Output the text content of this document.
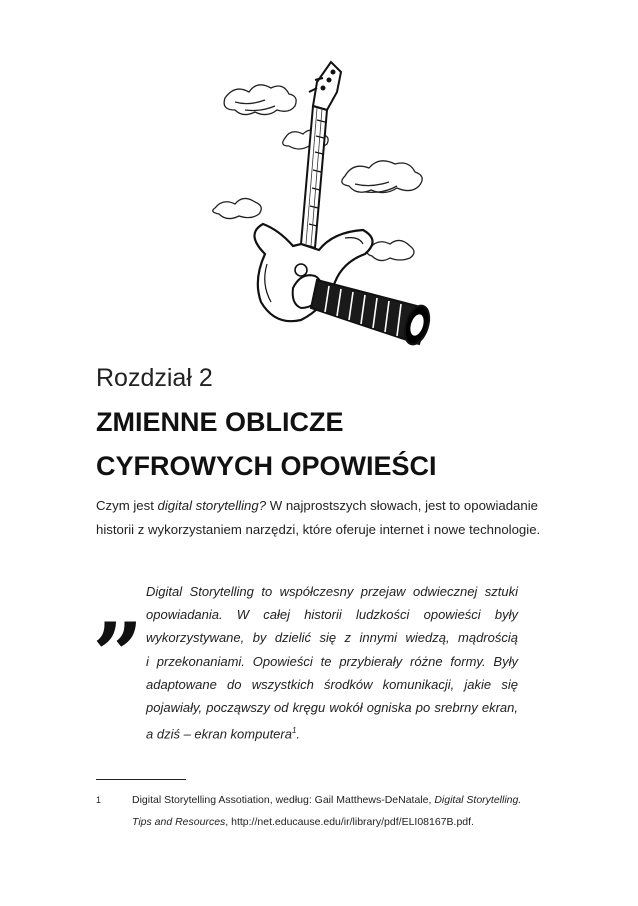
Rozdział 2
ZMIENNE OBLICZE
CYFROWYCH OPOWIEŚCI

Czym jest digital storytelling? W najprostszych słowach, jest to opowiadanie
historii z wykorzystaniem narzędzi, które oferuje internet i nowe technologie.

„ Digital Storytelling to współczesny przejaw odwiecznej sztuki
opowiadania. W całej historii ludzkości opowieści były
wykorzystywane, by dzielić się z innymi wiedzą, mądrością
i przekonaniami. Opowieści te przybierały różne formy. Były
adaptowane do wszystkich środków komunikacji, jakie się
pojawiały, począwszy od kręgu wokół ogniska po srebrny ekran,
a dziś – ekran komputera$^1$.
1	Digital Storytelling Assotiation, według: Gail Matthews-DeNatale, Digital Storytelling.
Tips and Resources, http://net.educause.edu/ir/library/pdf/ELI08167B.pdf.
